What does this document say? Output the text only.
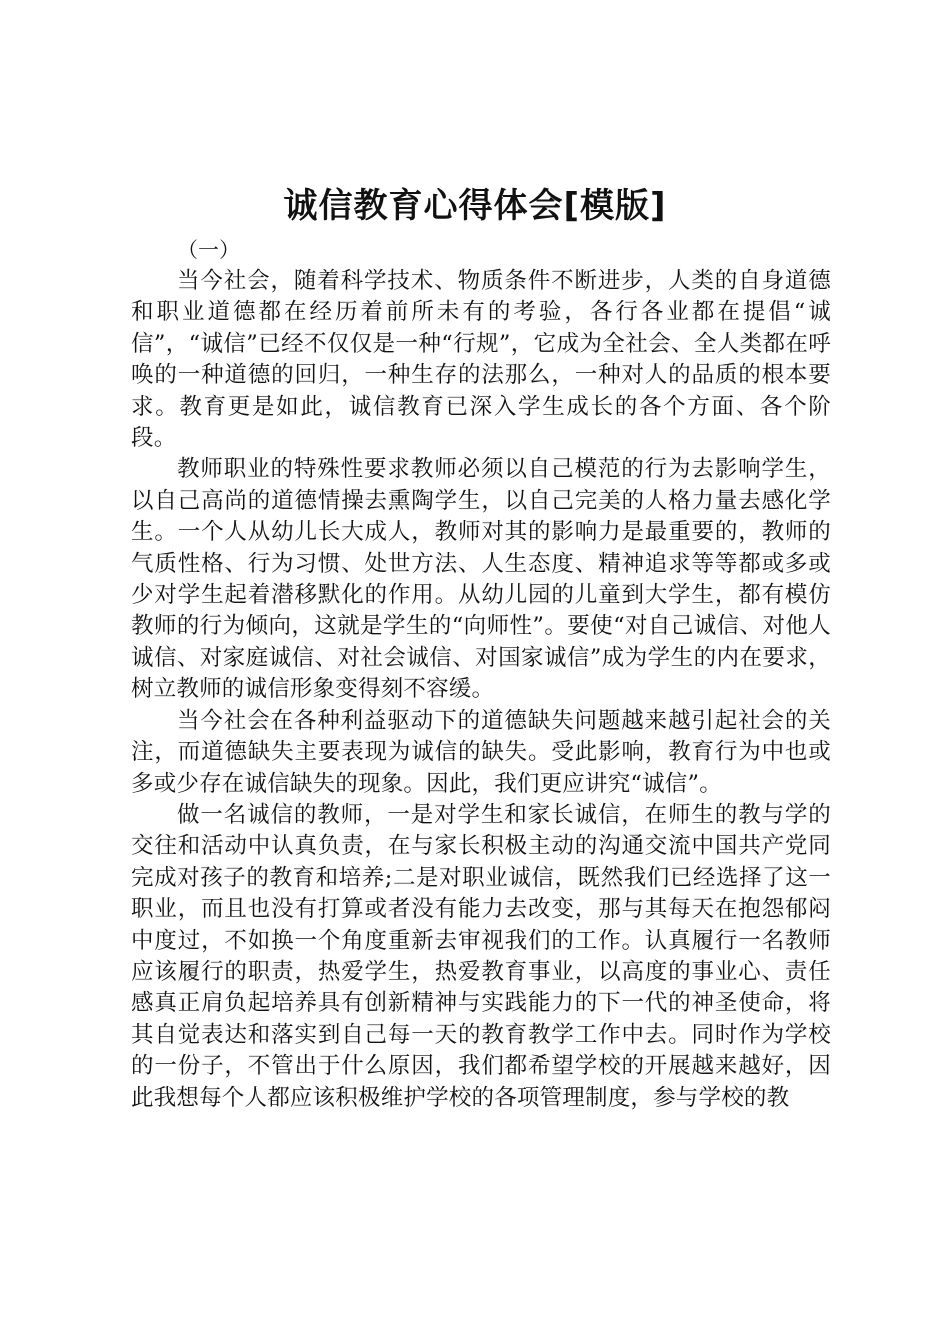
诚信教育心得体会[模版]

（一）

当今社会，随着科学技术、物质条件不断进步，人类的自身道德和职业道德都在经历着前所未有的考验，各行各业都在提倡“诚信”，“诚信”已经不仅仅是一种“行规”，它成为全社会、全人类都在呼唤的一种道德的回归，一种生存的法那么，一种对人的品质的根本要求。教育更是如此，诚信教育已深入学生成长的各个方面、各个阶段。

教师职业的特殊性要求教师必须以自己模范的行为去影响学生，以自己高尚的道德情操去熏陶学生，以自己完美的人格力量去感化学生。一个人从幼儿长大成人，教师对其的影响力是最重要的，教师的气质性格、行为习惯、处世方法、人生态度、精神追求等等都或多或少对学生起着潜移默化的作用。从幼儿园的儿童到大学生，都有模仿教师的行为倾向，这就是学生的“向师性”。要使“对自己诚信、对他人诚信、对家庭诚信、对社会诚信、对国家诚信”成为学生的内在要求，树立教师的诚信形象变得刻不容缓。

当今社会在各种利益驱动下的道德缺失问题越来越引起社会的关注，而道德缺失主要表现为诚信的缺失。受此影响，教育行为中也或多或少存在诚信缺失的现象。因此，我们更应讲究“诚信”。

做一名诚信的教师，一是对学生和家长诚信，在师生的教与学的交往和活动中认真负责，在与家长积极主动的沟通交流中国共产党同完成对孩子的教育和培养;二是对职业诚信，既然我们已经选择了这一职业，而且也没有打算或者没有能力去改变，那与其每天在抱怨郁闷中度过，不如换一个角度重新去审视我们的工作。认真履行一名教师应该履行的职责，热爱学生，热爱教育事业，以高度的事业心、责任感真正肩负起培养具有创新精神与实践能力的下一代的神圣使命，将其自觉表达和落实到自己每一天的教育教学工作中去。同时作为学校的一份子，不管出于什么原因，我们都希望学校的开展越来越好，因此我想每个人都应该积极维护学校的各项管理制度，参与学校的教
